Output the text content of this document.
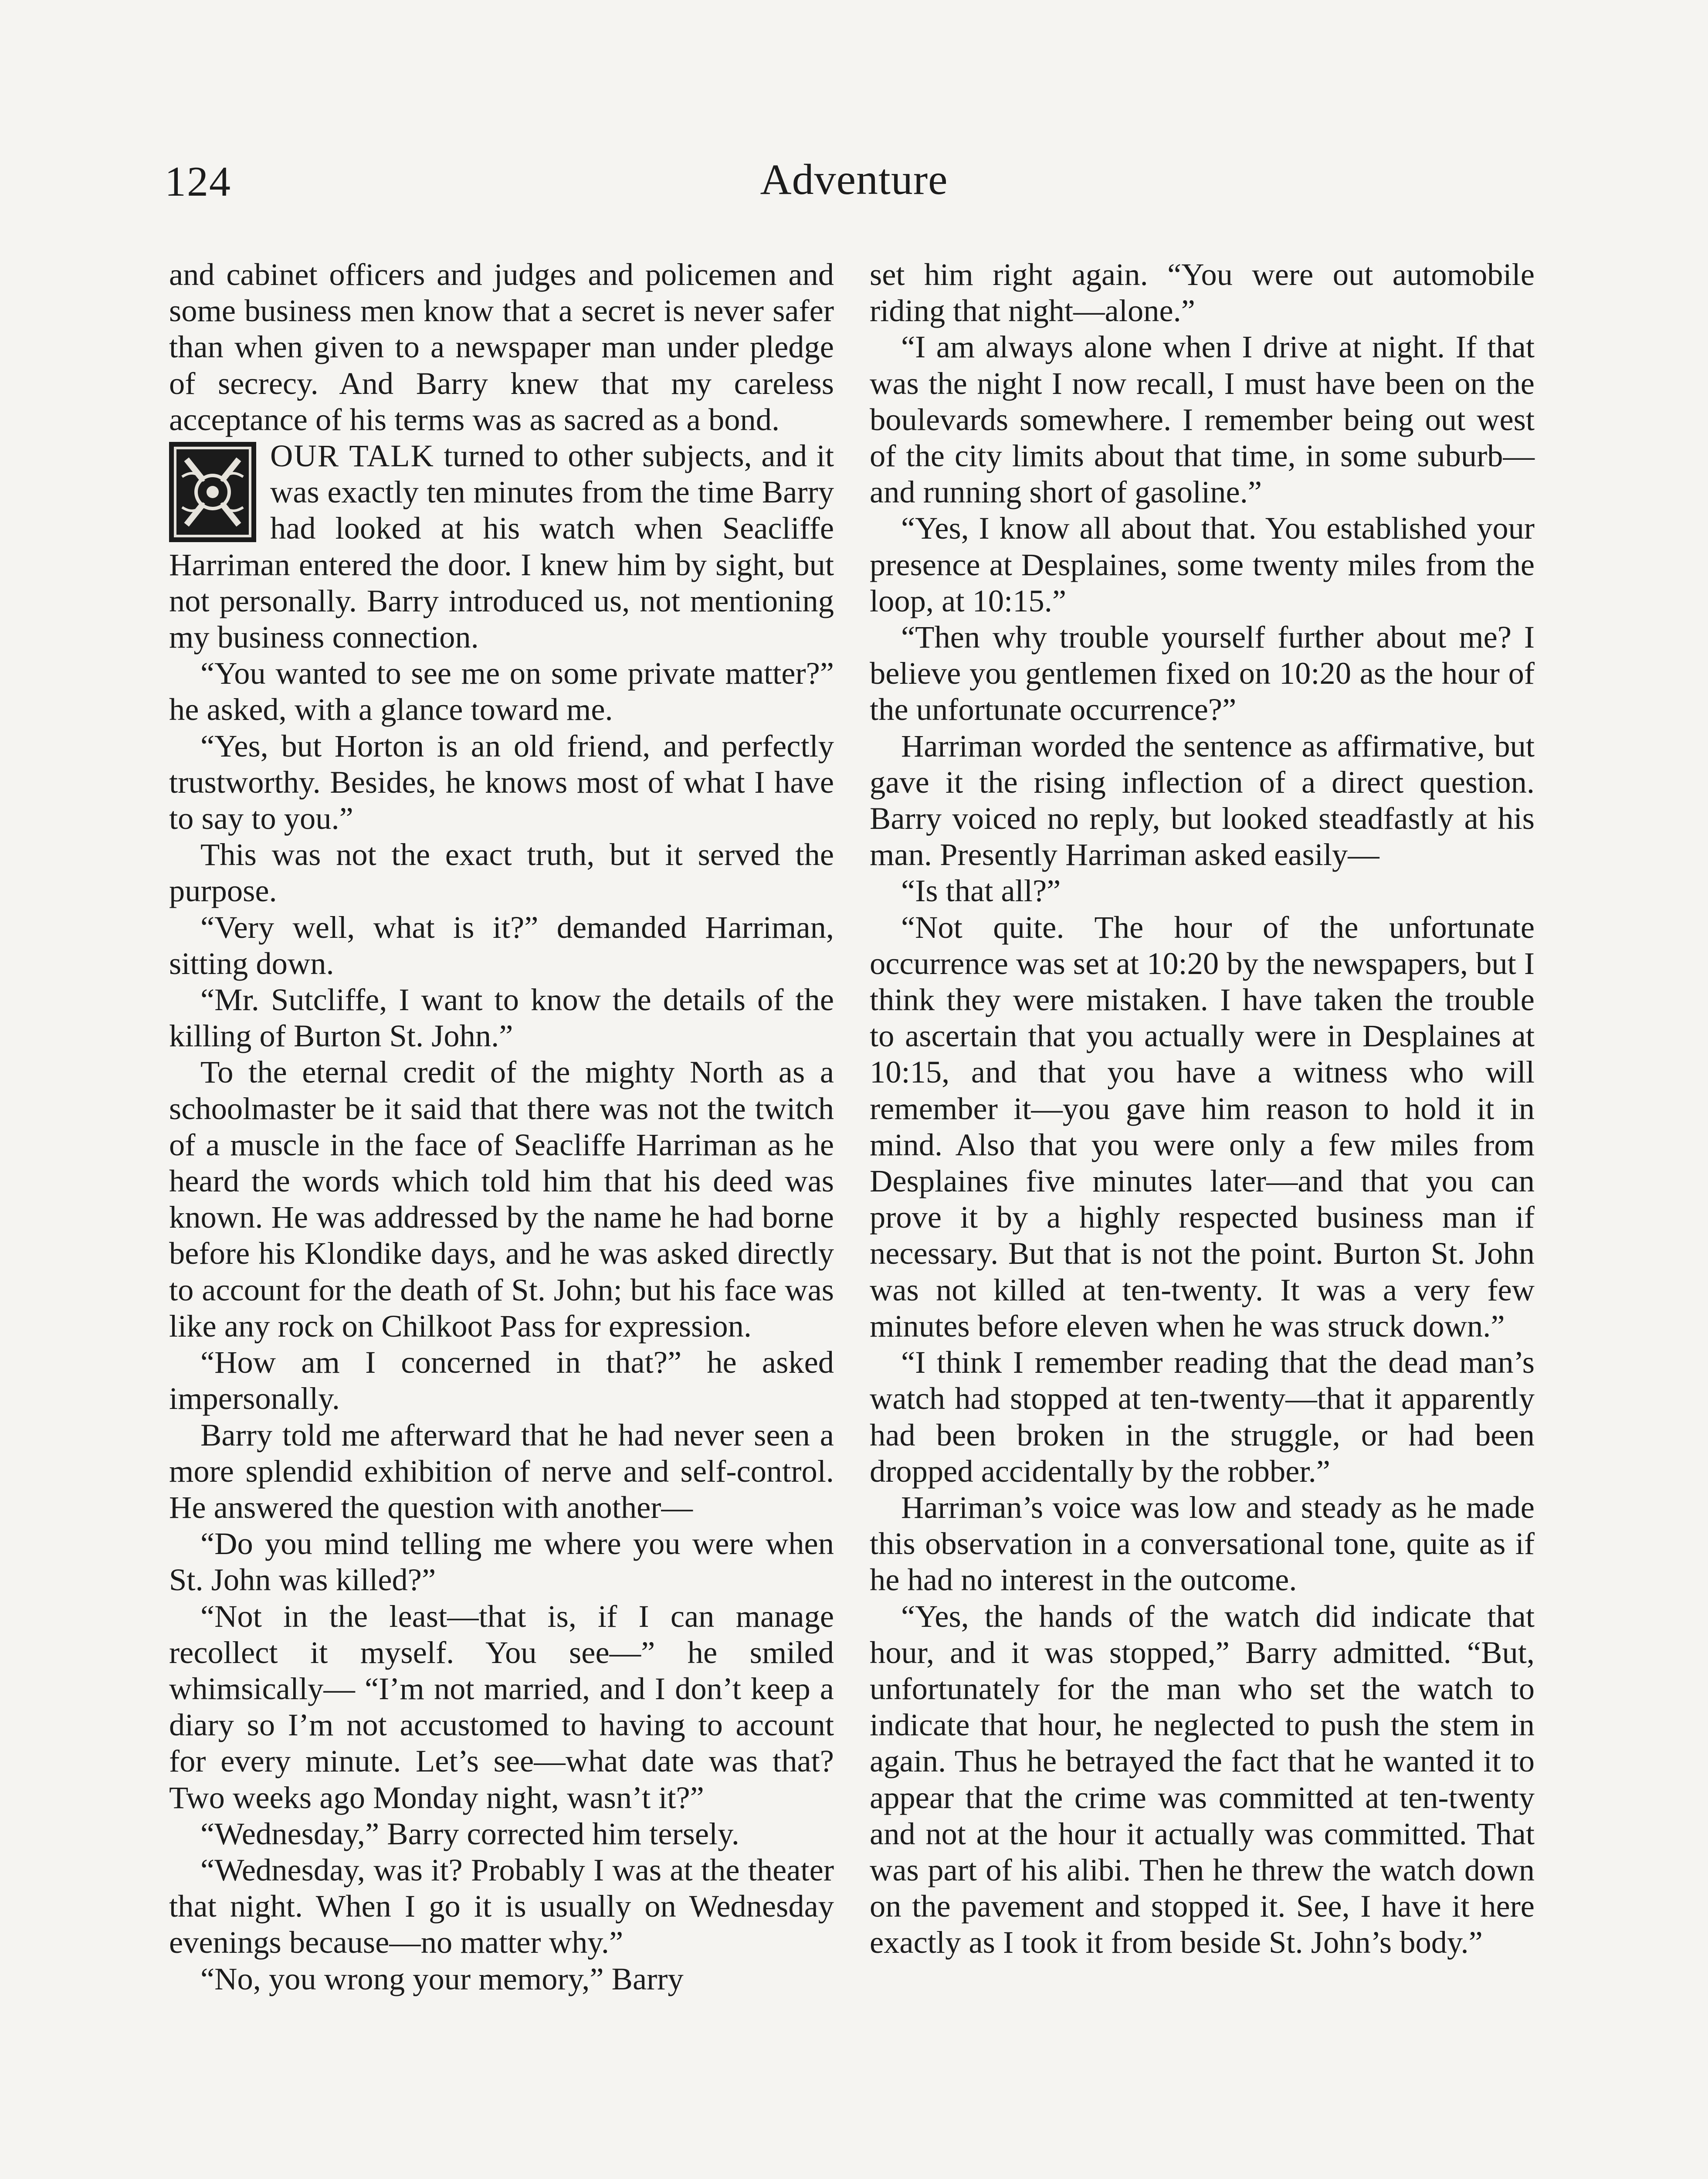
124	Adventure

and cabinet officers and judges and policemen and some business men know that a secret is never safer than when given to a newspaper man under pledge of secrecy. And Barry knew that my careless acceptance of his terms was as sacred as a bond.

OUR TALK turned to other subjects, and it was exactly ten minutes from the time Barry had looked at his watch when Seacliffe Harriman entered the door. I knew him by sight, but not personally. Barry introduced us, not mentioning my business connection.

“You wanted to see me on some private matter?” he asked, with a glance toward me.

“Yes, but Horton is an old friend, and perfectly trustworthy. Besides, he knows most of what I have to say to you.”

This was not the exact truth, but it served the purpose.

“Very well, what is it?” demanded Harriman, sitting down.

“Mr. Sutcliffe, I want to know the details of the killing of Burton St. John.”

To the eternal credit of the mighty North as a schoolmaster be it said that there was not the twitch of a muscle in the face of Seacliffe Harriman as he heard the words which told him that his deed was known. He was addressed by the name he had borne before his Klondike days, and he was asked directly to account for the death of St. John; but his face was like any rock on Chilkoot Pass for expression.

“How am I concerned in that?” he asked impersonally.

Barry told me afterward that he had never seen a more splendid exhibition of nerve and self-control. He answered the question with another—

“Do you mind telling me where you were when St. John was killed?”

“Not in the least—that is, if I can manage recollect it myself. You see—” he smiled whimsically— “I’m not married, and I don’t keep a diary so I’m not accustomed to having to account for every minute. Let’s see—what date was that? Two weeks ago Monday night, wasn’t it?”

“Wednesday,” Barry corrected him tersely.

“Wednesday, was it? Probably I was at the theater that night. When I go it is usually on Wednesday evenings because—no matter why.”

“No, you wrong your memory,” Barry

set him right again. “You were out automobile riding that night—alone.”

“I am always alone when I drive at night. If that was the night I now recall, I must have been on the boulevards somewhere. I remember being out west of the city limits about that time, in some suburb—and running short of gasoline.”

“Yes, I know all about that. You established your presence at Desplaines, some twenty miles from the loop, at 10:15.”

“Then why trouble yourself further about me? I believe you gentlemen fixed on 10:20 as the hour of the unfortunate occurrence?”

Harriman worded the sentence as affirmative, but gave it the rising inflection of a direct question. Barry voiced no reply, but looked steadfastly at his man. Presently Harriman asked easily—

“Is that all?”

“Not quite. The hour of the unfortunate occurrence was set at 10:20 by the newspapers, but I think they were mistaken. I have taken the trouble to ascertain that you actually were in Desplaines at 10:15, and that you have a witness who will remember it—you gave him reason to hold it in mind. Also that you were only a few miles from Desplaines five minutes later—and that you can prove it by a highly respected business man if necessary. But that is not the point. Burton St. John was not killed at ten-twenty. It was a very few minutes before eleven when he was struck down.”

“I think I remember reading that the dead man’s watch had stopped at ten-twenty—that it apparently had been broken in the struggle, or had been dropped accidentally by the robber.”

Harriman’s voice was low and steady as he made this observation in a conversational tone, quite as if he had no interest in the outcome.

“Yes, the hands of the watch did indicate that hour, and it was stopped,” Barry admitted. “But, unfortunately for the man who set the watch to indicate that hour, he neglected to push the stem in again. Thus he betrayed the fact that he wanted it to appear that the crime was committed at ten-twenty and not at the hour it actually was committed. That was part of his alibi. Then he threw the watch down on the pavement and stopped it. See, I have it here exactly as I took it from beside St. John’s body.”
